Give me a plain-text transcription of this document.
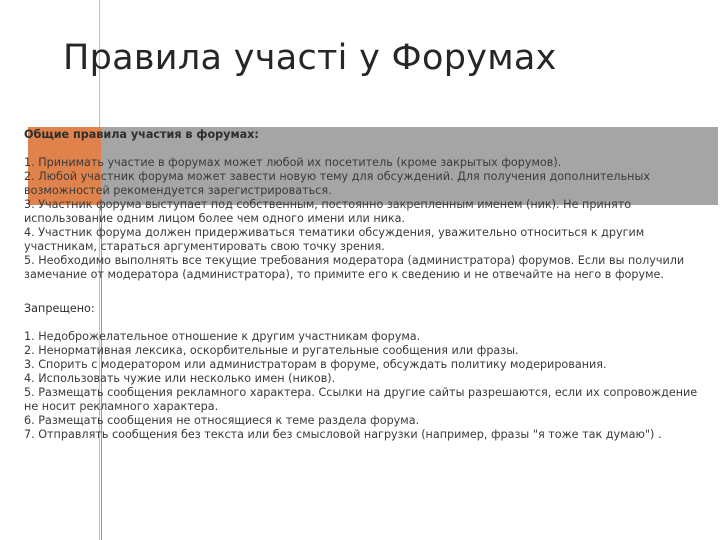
Правила участі у Форумах
Общие правила участия в форумах:

1. Принимать участие в форумах может любой их посетитель (кроме закрытых форумов).

2. Любой участник форума может завести новую тему для обсуждений. Для получения дополнительных возможностей рекомендуется зарегистрироваться.

3. Участник форума выступает под собственным, постоянно закрепленным именем (ник). Не принято использование одним лицом более чем одного имени или ника.

4. Участник форума должен придерживаться тематики обсуждения, уважительно относиться к другим участникам, стараться аргументировать свою точку зрения.

5. Необходимо выполнять все текущие требования модератора (администратора) форумов. Если вы получили замечание от модератора (администратора), то примите его к сведению и не отвечайте на него в форуме.

Запрещено:

1. Недоброжелательное отношение к другим участникам форума.

2. Ненормативная лексика, оскорбительные и ругательные сообщения или фразы.

3. Спорить с модератором или администраторам в форуме, обсуждать политику модерирования.

4. Использовать чужие или несколько имен (ников).

5. Размещать сообщения рекламного характера. Ссылки на другие сайты разрешаются, если их сопровождение не носит рекламного характера.

6. Размещать сообщения не относящиеся к теме раздела форума.

7. Отправлять сообщения без текста или без смысловой нагрузки (например, фразы "я тоже так думаю") .
